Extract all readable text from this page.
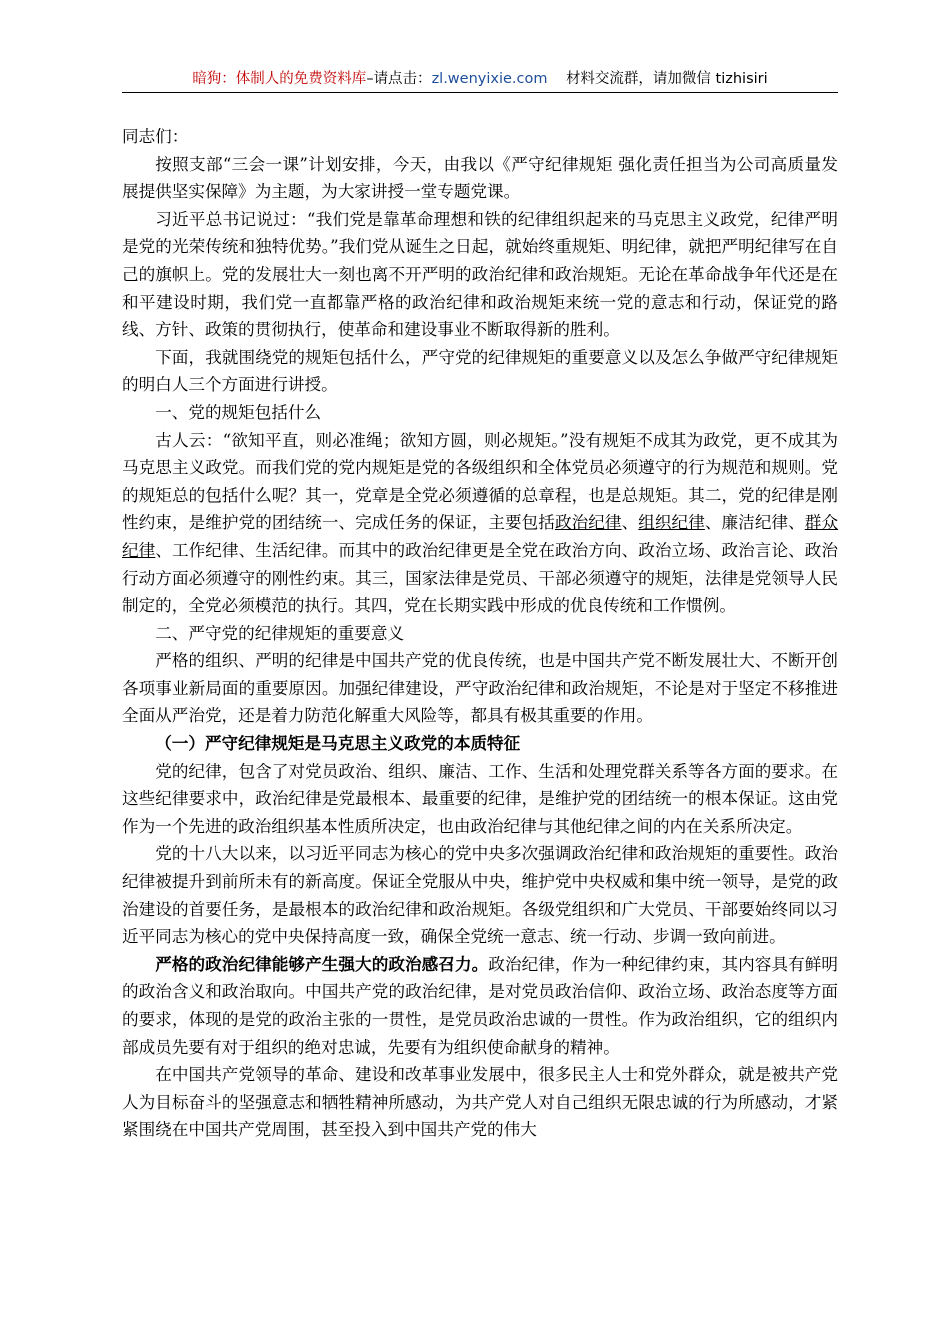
暗狗：体制人的免费资料库–请点击：zl.wenyixie.com 材料交流群，请加微信 tizhisiri

同志们：

按照支部“三会一课”计划安排，今天，由我以《严守纪律规矩 强化责任担当为公司高质量发展提供坚实保障》为主题，为大家讲授一堂专题党课。

习近平总书记说过：“我们党是靠革命理想和铁的纪律组织起来的马克思主义政党，纪律严明是党的光荣传统和独特优势。”我们党从诞生之日起，就始终重规矩、明纪律，就把严明纪律写在自己的旗帜上。党的发展壮大一刻也离不开严明的政治纪律和政治规矩。无论在革命战争年代还是在和平建设时期，我们党一直都靠严格的政治纪律和政治规矩来统一党的意志和行动，保证党的路线、方针、政策的贯彻执行，使革命和建设事业不断取得新的胜利。

下面，我就围绕党的规矩包括什么，严守党的纪律规矩的重要意义以及怎么争做严守纪律规矩的明白人三个方面进行讲授。

一、党的规矩包括什么

古人云：“欲知平直，则必准绳；欲知方圆，则必规矩。”没有规矩不成其为政党，更不成其为马克思主义政党。而我们党的党内规矩是党的各级组织和全体党员必须遵守的行为规范和规则。党的规矩总的包括什么呢？其一，党章是全党必须遵循的总章程，也是总规矩。其二，党的纪律是刚性约束，是维护党的团结统一、完成任务的保证，主要包括政治纪律、组织纪律、廉洁纪律、群众纪律、工作纪律、生活纪律。而其中的政治纪律更是全党在政治方向、政治立场、政治言论、政治行动方面必须遵守的刚性约束。其三，国家法律是党员、干部必须遵守的规矩，法律是党领导人民制定的，全党必须模范的执行。其四，党在长期实践中形成的优良传统和工作惯例。

二、严守党的纪律规矩的重要意义

严格的组织、严明的纪律是中国共产党的优良传统，也是中国共产党不断发展壮大、不断开创各项事业新局面的重要原因。加强纪律建设，严守政治纪律和政治规矩，不论是对于坚定不移推进全面从严治党，还是着力防范化解重大风险等，都具有极其重要的作用。

（一）严守纪律规矩是马克思主义政党的本质特征

党的纪律，包含了对党员政治、组织、廉洁、工作、生活和处理党群关系等各方面的要求。在这些纪律要求中，政治纪律是党最根本、最重要的纪律，是维护党的团结统一的根本保证。这由党作为一个先进的政治组织基本性质所决定，也由政治纪律与其他纪律之间的内在关系所决定。

党的十八大以来，以习近平同志为核心的党中央多次强调政治纪律和政治规矩的重要性。政治纪律被提升到前所未有的新高度。保证全党服从中央，维护党中央权威和集中统一领导，是党的政治建设的首要任务，是最根本的政治纪律和政治规矩。各级党组织和广大党员、干部要始终同以习近平同志为核心的党中央保持高度一致，确保全党统一意志、统一行动、步调一致向前进。

严格的政治纪律能够产生强大的政治感召力。政治纪律，作为一种纪律约束，其内容具有鲜明的政治含义和政治取向。中国共产党的政治纪律，是对党员政治信仰、政治立场、政治态度等方面的要求，体现的是党的政治主张的一贯性，是党员政治忠诚的一贯性。作为政治组织，它的组织内部成员先要有对于组织的绝对忠诚，先要有为组织使命献身的精神。

在中国共产党领导的革命、建设和改革事业发展中，很多民主人士和党外群众，就是被共产党人为目标奋斗的坚强意志和牺牲精神所感动，为共产党人对自己组织无限忠诚的行为所感动，才紧紧围绕在中国共产党周围，甚至投入到中国共产党的伟大
